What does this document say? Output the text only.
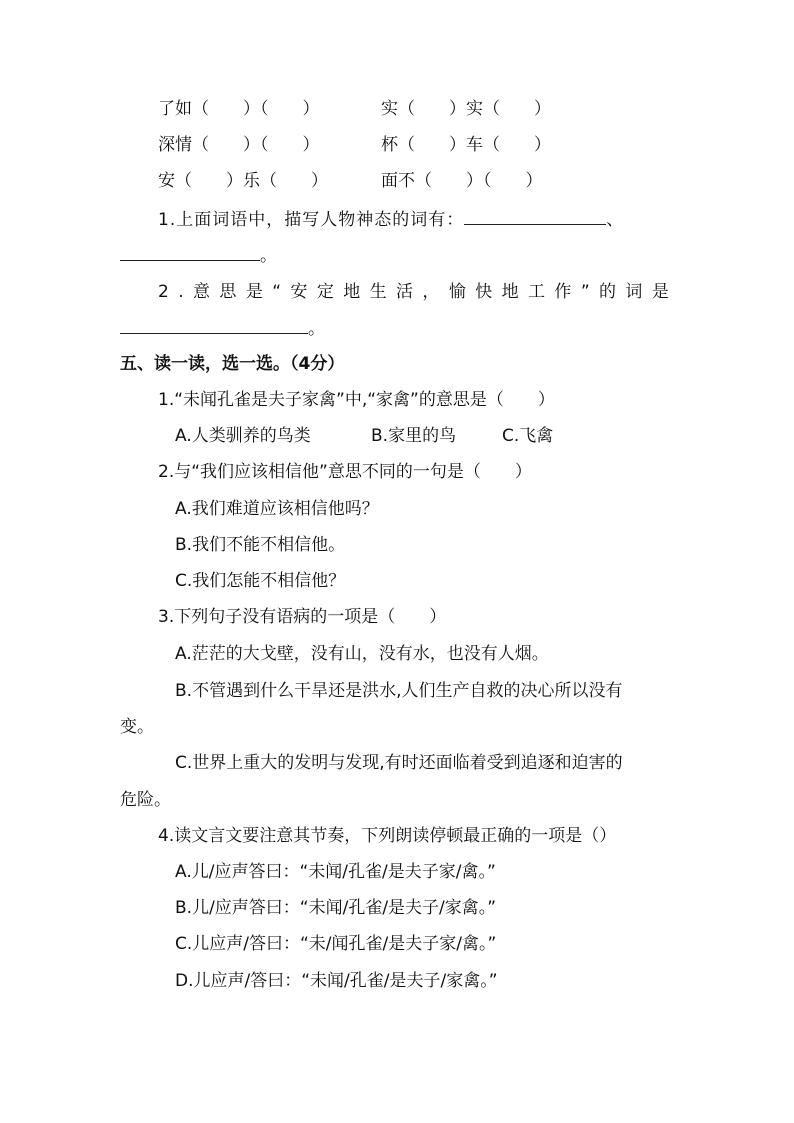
了如（　　）（　　）	实（　　）实（　　）
深情（　　）（　　）	杯（　　）车（　　）
安（　　）乐（　　）	面不（　　）（　　）
1.上面词语中，描写人物神态的词有：	、
。
2.意思是“安定地生活，愉快地工作”的词是
。
五、读一读，选一选。（4分）
1.“未闻孔雀是夫子家禽”中,“家禽”的意思是（　　）
A.人类驯养的鸟类	B.家里的鸟	C.飞禽
2.与“我们应该相信他”意思不同的一句是（　　）
A.我们难道应该相信他吗？
B.我们不能不相信他。
C.我们怎能不相信他？
3.下列句子没有语病的一项是（　　）
A.茫茫的大戈壁，没有山，没有水，也没有人烟。
B.不管遇到什么干旱还是洪水,人们生产自救的决心所以没有
变。
C.世界上重大的发明与发现,有时还面临着受到追逐和迫害的
危险。
4.读文言文要注意其节奏，下列朗读停顿最正确的一项是（）
A.儿/应声答曰：“未闻/孔雀/是夫子家/禽。”
B.儿/应声答曰：“未闻/孔雀/是夫子/家禽。”
C.儿应声/答曰：“未/闻孔雀/是夫子家/禽。”
D.儿应声/答曰：“未闻/孔雀/是夫子/家禽。”
